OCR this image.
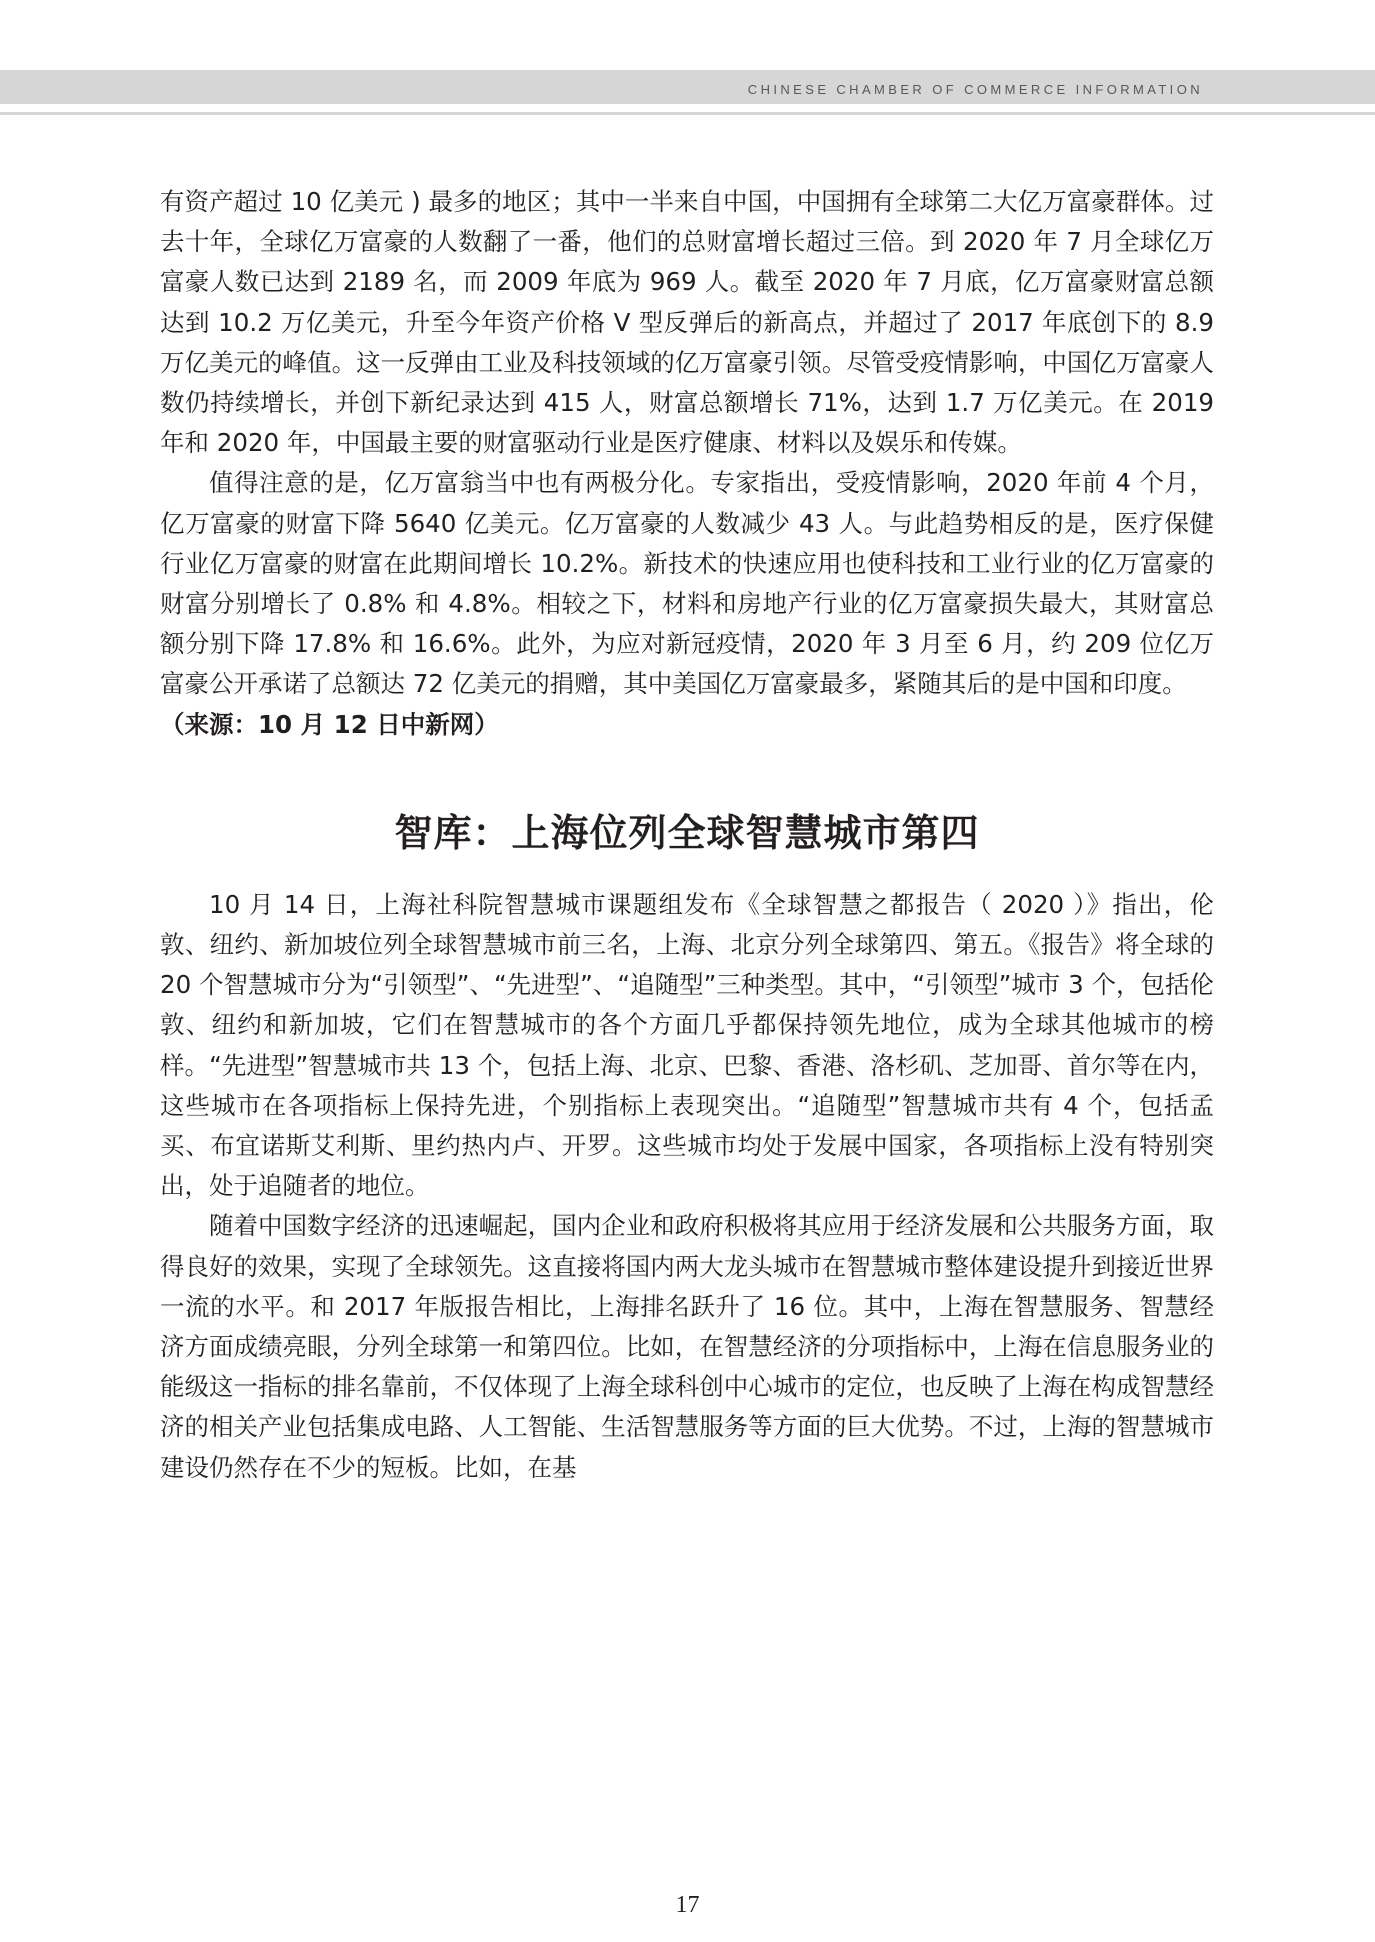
CHINESE CHAMBER OF COMMERCE INFORMATION

有资产超过 10 亿美元 ) 最多的地区；其中一半来自中国，中国拥有全球第二大亿万富豪群体。过去十年，全球亿万富豪的人数翻了一番，他们的总财富增长超过三倍。到 2020 年 7 月全球亿万富豪人数已达到 2189 名，而 2009 年底为 969 人。截至 2020 年 7 月底，亿万富豪财富总额达到 10.2 万亿美元，升至今年资产价格 V 型反弹后的新高点，并超过了 2017 年底创下的 8.9 万亿美元的峰值。这一反弹由工业及科技领域的亿万富豪引领。尽管受疫情影响，中国亿万富豪人数仍持续增长，并创下新纪录达到 415 人，财富总额增长 71%，达到 1.7 万亿美元。在 2019 年和 2020 年，中国最主要的财富驱动行业是医疗健康、材料以及娱乐和传媒。

值得注意的是，亿万富翁当中也有两极分化。专家指出，受疫情影响，2020 年前 4 个月，亿万富豪的财富下降 5640 亿美元。亿万富豪的人数减少 43 人。与此趋势相反的是，医疗保健行业亿万富豪的财富在此期间增长 10.2%。新技术的快速应用也使科技和工业行业的亿万富豪的财富分别增长了 0.8% 和 4.8%。相较之下，材料和房地产行业的亿万富豪损失最大，其财富总额分别下降 17.8% 和 16.6%。此外，为应对新冠疫情，2020 年 3 月至 6 月，约 209 位亿万富豪公开承诺了总额达 72 亿美元的捐赠，其中美国亿万富豪最多，紧随其后的是中国和印度。

（来源：10 月 12 日中新网）

智库：上海位列全球智慧城市第四

10 月 14 日，上海社科院智慧城市课题组发布《全球智慧之都报告（ 2020 ）》指出，伦敦、纽约、新加坡位列全球智慧城市前三名，上海、北京分列全球第四、第五。《报告》将全球的 20 个智慧城市分为“引领型”、“先进型”、“追随型”三种类型。其中，“引领型”城市 3 个，包括伦敦、纽约和新加坡，它们在智慧城市的各个方面几乎都保持领先地位，成为全球其他城市的榜样。“先进型”智慧城市共 13 个，包括上海、北京、巴黎、香港、洛杉矶、芝加哥、首尔等在内，这些城市在各项指标上保持先进，个别指标上表现突出。“追随型”智慧城市共有 4 个，包括孟买、布宜诺斯艾利斯、里约热内卢、开罗。这些城市均处于发展中国家，各项指标上没有特别突出，处于追随者的地位。

随着中国数字经济的迅速崛起，国内企业和政府积极将其应用于经济发展和公共服务方面，取得良好的效果，实现了全球领先。这直接将国内两大龙头城市在智慧城市整体建设提升到接近世界一流的水平。和 2017 年版报告相比，上海排名跃升了 16 位。其中，上海在智慧服务、智慧经济方面成绩亮眼，分列全球第一和第四位。比如，在智慧经济的分项指标中，上海在信息服务业的能级这一指标的排名靠前，不仅体现了上海全球科创中心城市的定位，也反映了上海在构成智慧经济的相关产业包括集成电路、人工智能、生活智慧服务等方面的巨大优势。不过，上海的智慧城市建设仍然存在不少的短板。比如，在基

17
